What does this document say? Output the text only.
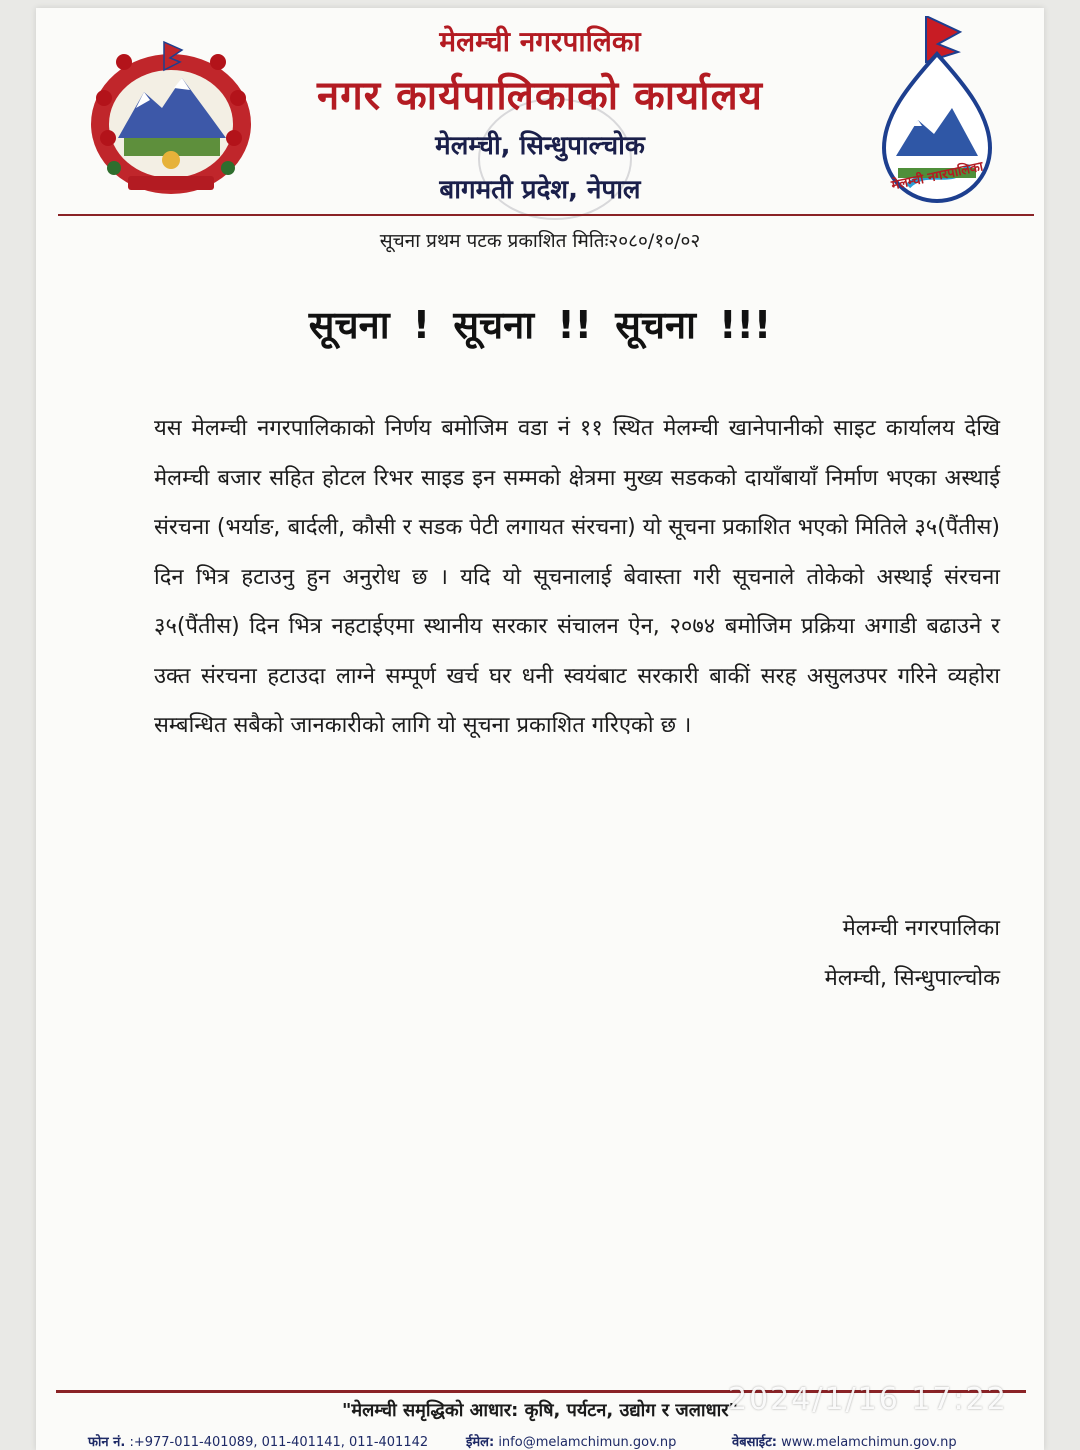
मेलम्ची नगरपालिका
मेलम्ची नगरपालिका
नगर कार्यपालिकाको कार्यालय
मेलम्ची, सिन्धुपाल्चोक
बागमती प्रदेश, नेपाल
सूचना प्रथम पटक प्रकाशित मितिः२०८०/१०/०२
सूचना ! सूचना !! सूचना !!!
यस मेलम्ची नगरपालिकाको निर्णय बमोजिम वडा नं ११ स्थित मेलम्ची खानेपानीको साइट कार्यालय देखि मेलम्ची बजार सहित होटल रिभर साइड इन सम्मको क्षेत्रमा मुख्य सडकको दायाँबायाँ निर्माण भएका अस्थाई संरचना (भर्याङ, बार्दली, कौसी र सडक पेटी लगायत संरचना) यो सूचना प्रकाशित भएको मितिले ३५(पैंतीस) दिन भित्र हटाउनु हुन अनुरोध छ । यदि यो सूचनालाई बेवास्ता गरी सूचनाले तोकेको अस्थाई संरचना ३५(पैंतीस) दिन भित्र नहटाईएमा स्थानीय सरकार संचालन ऐन, २०७४ बमोजिम प्रक्रिया अगाडी बढाउने र उक्त संरचना हटाउदा लाग्ने सम्पूर्ण खर्च घर धनी स्वयंबाट सरकारी बाकीं सरह असुलउपर गरिने व्यहोरा सम्बन्धित सबैको जानकारीको लागि यो सूचना प्रकाशित गरिएको छ ।
मेलम्ची नगरपालिका
मेलम्ची, सिन्धुपाल्चोक
"मेलम्ची समृद्धिको आधार: कृषि, पर्यटन, उद्योग र जलाधार"
2024/1/16 17:22
फोन नं. :+977-011-401089, 011-401141, 011-401142	ईमेल: info@melamchimun.gov.np	वेबसाईट: www.melamchimun.gov.np
